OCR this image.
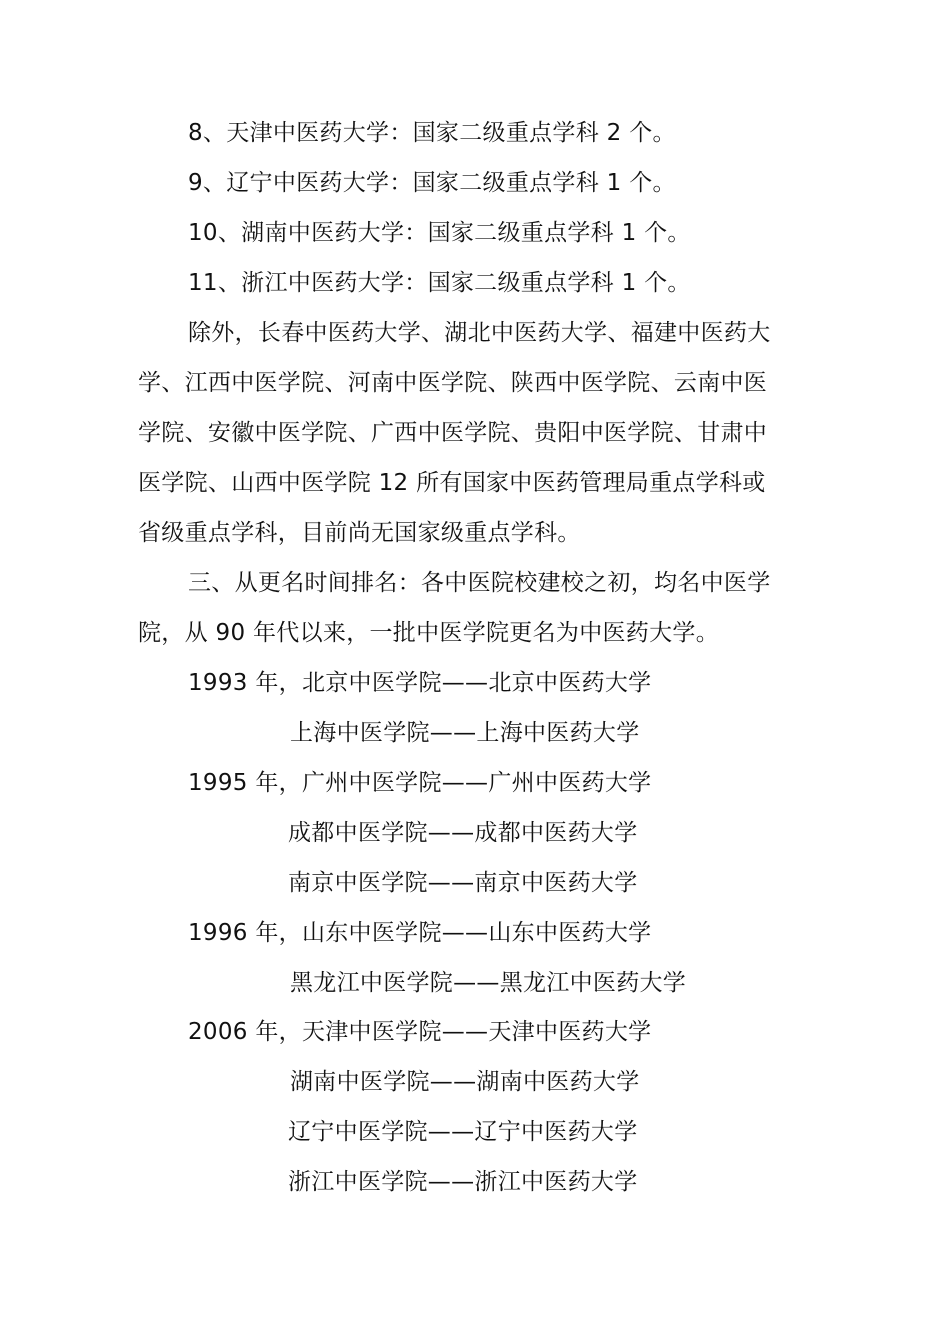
8、天津中医药大学：国家二级重点学科 2 个。
9、辽宁中医药大学：国家二级重点学科 1 个。
10、湖南中医药大学：国家二级重点学科 1 个。
11、浙江中医药大学：国家二级重点学科 1 个。
除外，长春中医药大学、湖北中医药大学、福建中医药大
学、江西中医学院、河南中医学院、陕西中医学院、云南中医
学院、安徽中医学院、广西中医学院、贵阳中医学院、甘肃中
医学院、山西中医学院 12 所有国家中医药管理局重点学科或
省级重点学科，目前尚无国家级重点学科。
三、从更名时间排名：各中医院校建校之初，均名中医学
院，从 90 年代以来，一批中医学院更名为中医药大学。
1993 年，北京中医学院——北京中医药大学
上海中医学院——上海中医药大学
1995 年，广州中医学院——广州中医药大学
成都中医学院——成都中医药大学
南京中医学院——南京中医药大学
1996 年，山东中医学院——山东中医药大学
黑龙江中医学院——黑龙江中医药大学
2006 年，天津中医学院——天津中医药大学
湖南中医学院——湖南中医药大学
辽宁中医学院——辽宁中医药大学
浙江中医学院——浙江中医药大学
